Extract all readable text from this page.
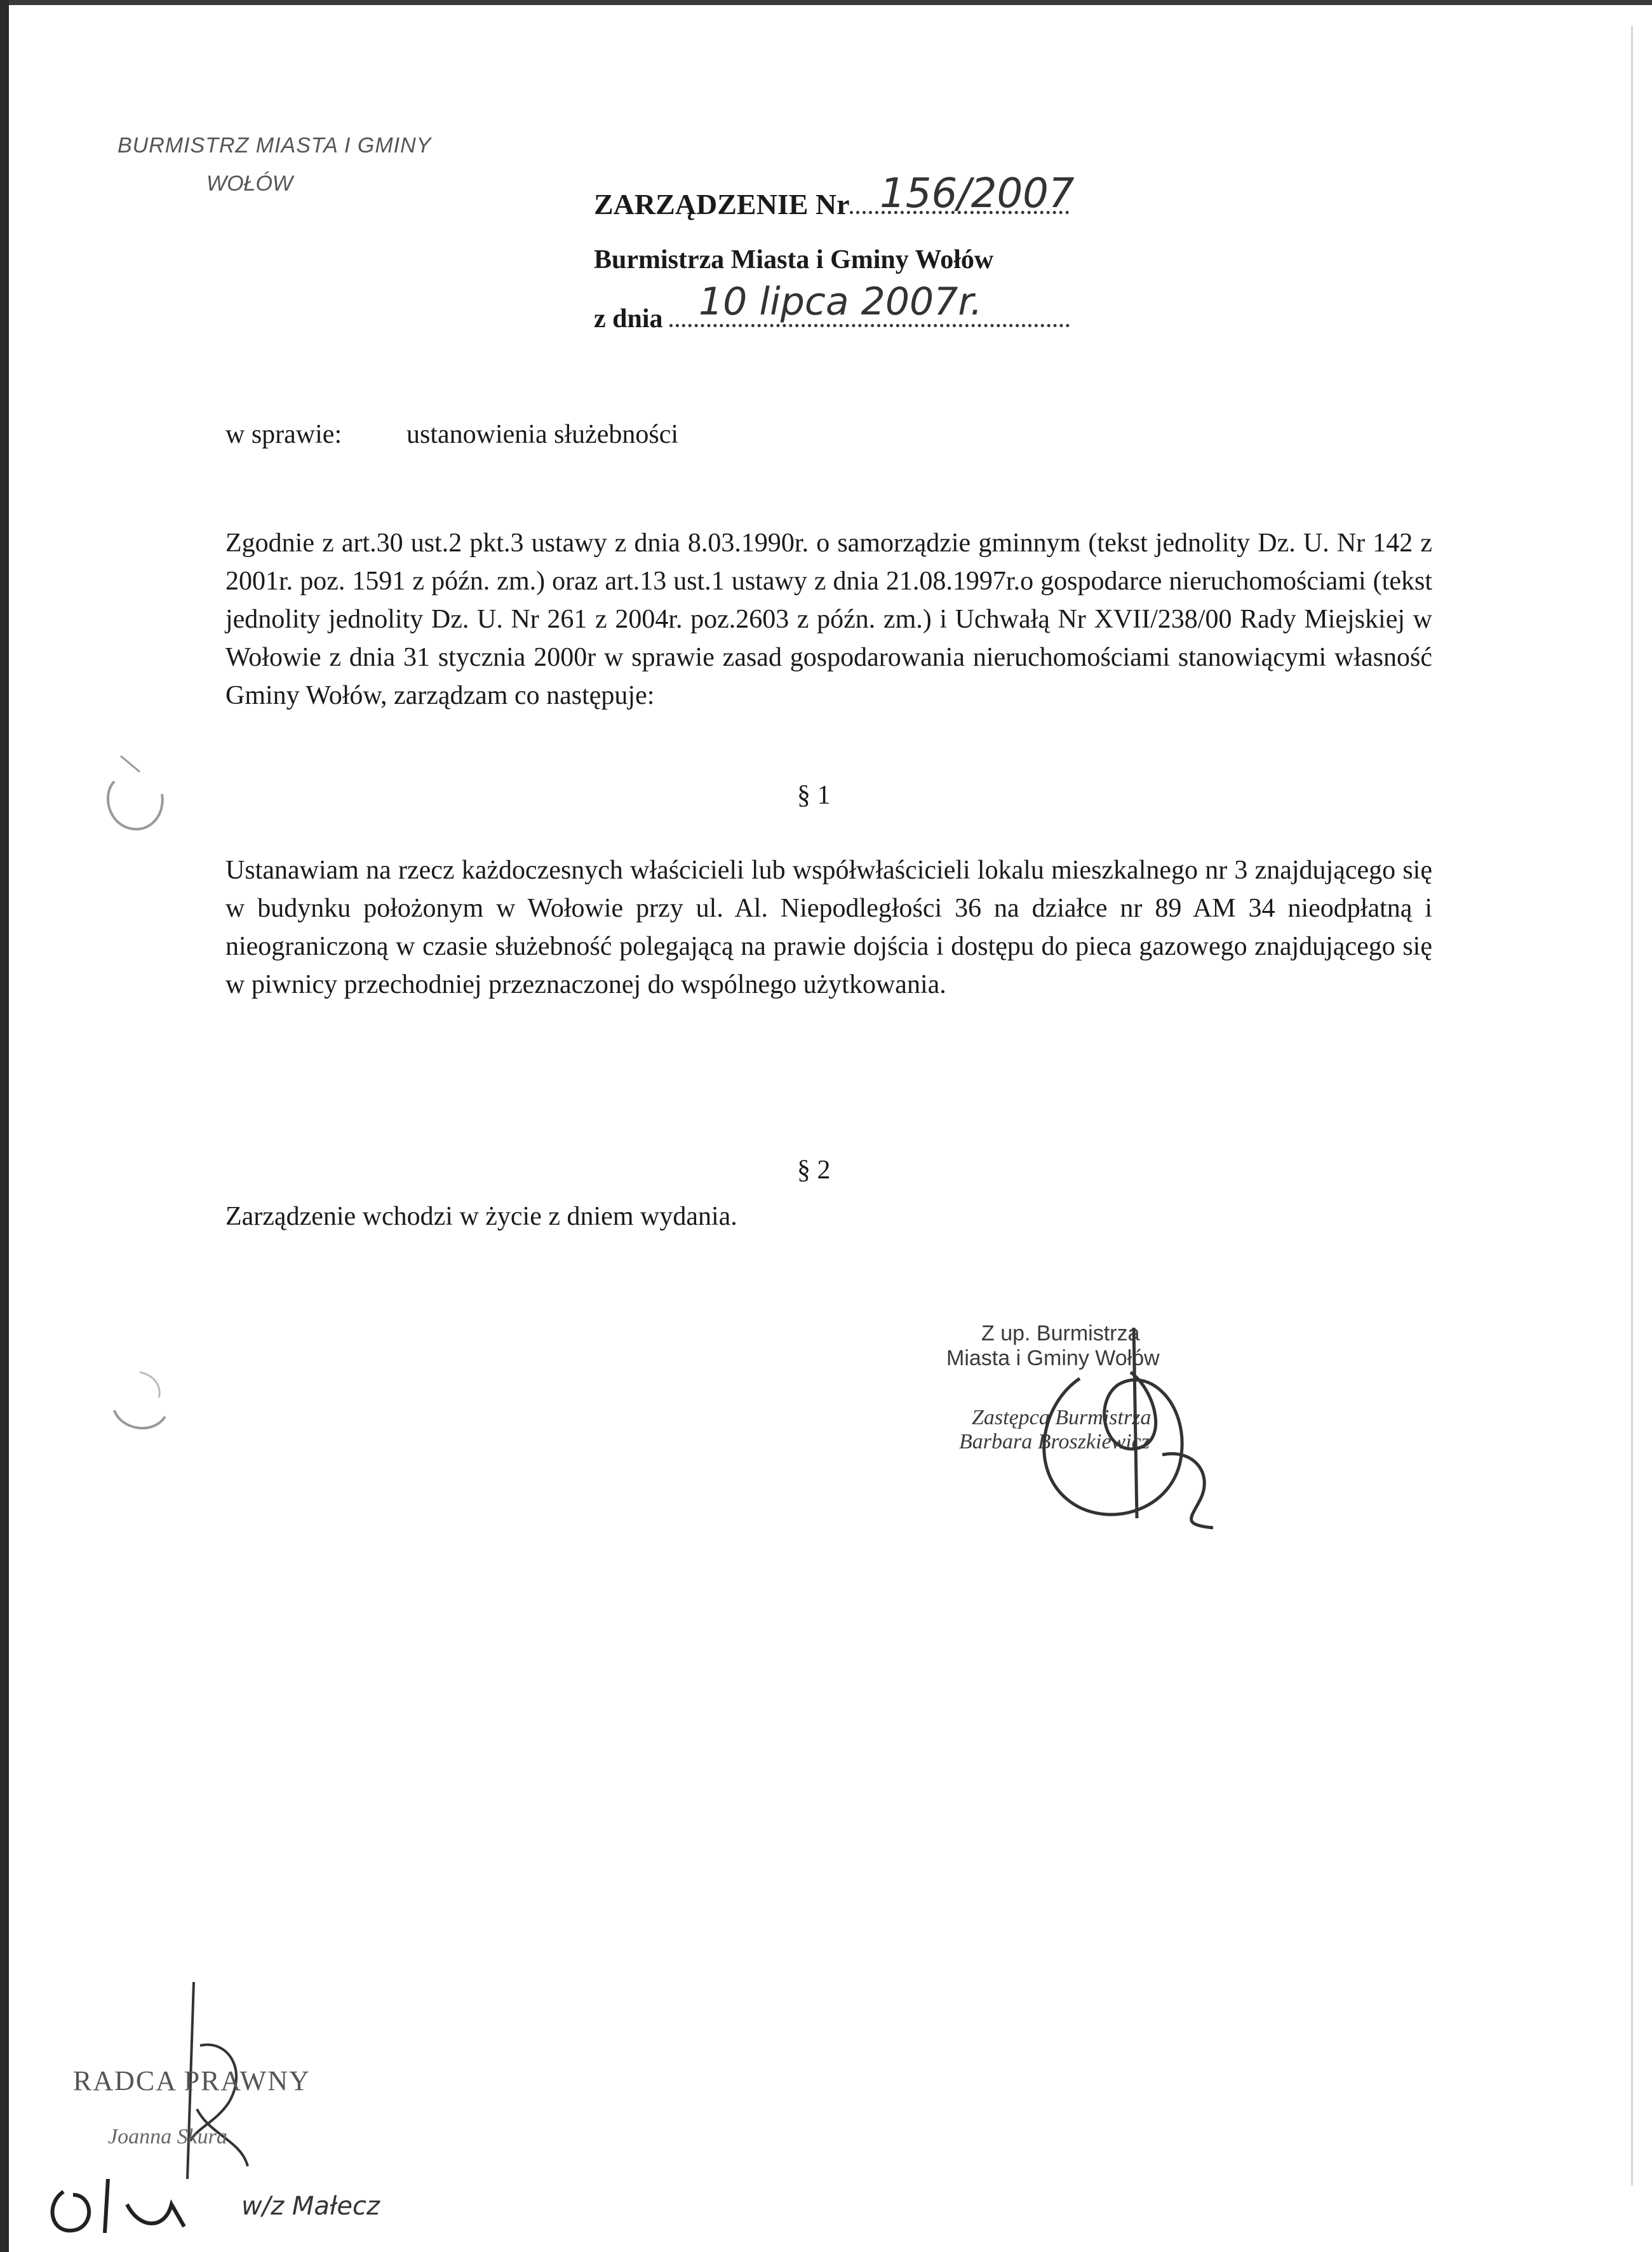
BURMISTRZ MIASTA I GMINY
WOŁÓW
ZARZĄDZENIE Nr 156/2007
Burmistrza Miasta i Gminy Wołów
z dnia 10 lipca 2007r.
w sprawie: ustanowienia służebności
Zgodnie z art.30 ust.2 pkt.3 ustawy z dnia 8.03.1990r. o samorządzie gminnym (tekst jednolity Dz. U. Nr 142 z 2001r. poz. 1591 z późn. zm.) oraz art.13 ust.1 ustawy z dnia 21.08.1997r.o gospodarce nieruchomościami (tekst jednolity jednolity Dz. U. Nr 261 z 2004r. poz.2603 z późn. zm.) i Uchwałą Nr XVII/238/00 Rady Miejskiej w Wołowie z dnia 31 stycznia 2000r w sprawie zasad gospodarowania nieruchomościami stanowiącymi własność Gminy Wołów, zarządzam co następuje:
§ 1
Ustanawiam na rzecz każdoczesnych właścicieli lub współwłaścicieli lokalu mieszkalnego nr 3 znajdującego się w budynku położonym w Wołowie przy ul. Al. Niepodległości 36 na działce nr 89 AM 34 nieodpłatną i nieograniczoną w czasie służebność polegającą na prawie dojścia i dostępu do pieca gazowego znajdującego się w piwnicy przechodniej przeznaczonej do wspólnego użytkowania.
§ 2
Zarządzenie wchodzi w życie z dniem wydania.
Z up. Burmistrza
Miasta i Gminy Wołów
Zastępca Burmistrza
Barbara Broszkiewicz
RADCA PRAWNY
Joanna Skura
w/z Małecz
